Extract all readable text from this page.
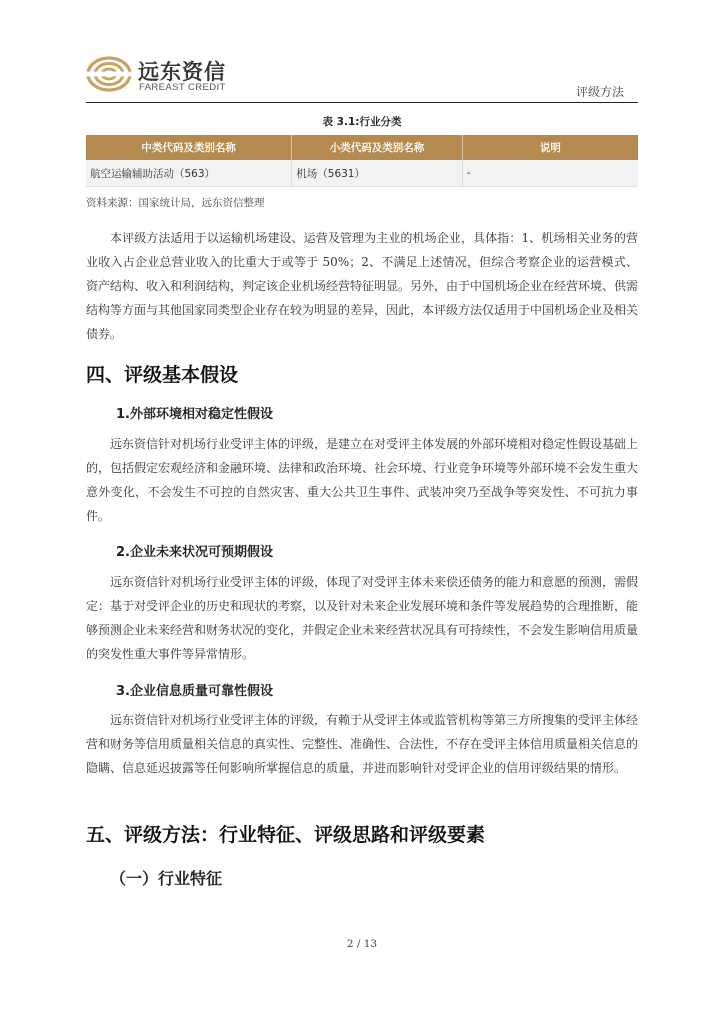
远东资信
FAREAST CREDIT	评级方法
表 3.1:行业分类
中类代码及类别名称	小类代码及类别名称	说明
航空运输辅助活动（563）	机场（5631）	-
资料来源：国家统计局，远东资信整理

本评级方法适用于以运输机场建设、运营及管理为主业的机场企业，具体指：1、机场相关业务的营业收入占企业总营业收入的比重大于或等于 50%；2、不满足上述情况，但综合考察企业的运营模式、资产结构、收入和利润结构，判定该企业机场经营特征明显。另外，由于中国机场企业在经营环境、供需结构等方面与其他国家同类型企业存在较为明显的差异，因此，本评级方法仅适用于中国机场企业及相关债券。

四、评级基本假设
1.外部环境相对稳定性假设

远东资信针对机场行业受评主体的评级，是建立在对受评主体发展的外部环境相对稳定性假设基础上的，包括假定宏观经济和金融环境、法律和政治环境、社会环境、行业竞争环境等外部环境不会发生重大意外变化，不会发生不可控的自然灾害、重大公共卫生事件、武装冲突乃至战争等突发性、不可抗力事件。

2.企业未来状况可预期假设

远东资信针对机场行业受评主体的评级，体现了对受评主体未来偿还债务的能力和意愿的预测，需假定：基于对受评企业的历史和现状的考察，以及针对未来企业发展环境和条件等发展趋势的合理推断，能够预测企业未来经营和财务状况的变化，并假定企业未来经营状况具有可持续性，不会发生影响信用质量的突发性重大事件等异常情形。

3.企业信息质量可靠性假设

远东资信针对机场行业受评主体的评级，有赖于从受评主体或监管机构等第三方所搜集的受评主体经营和财务等信用质量相关信息的真实性、完整性、准确性、合法性，不存在受评主体信用质量相关信息的隐瞒、信息延迟披露等任何影响所掌握信息的质量，并进而影响针对受评企业的信用评级结果的情形。

五、评级方法：行业特征、评级思路和评级要素
（一）行业特征
2 / 13
